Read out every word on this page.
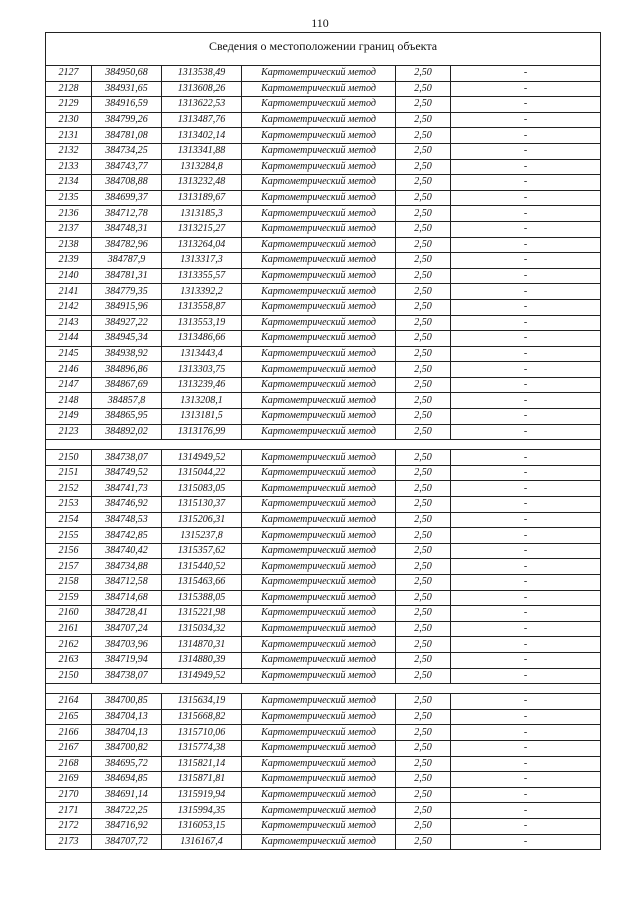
110
Сведения о местоположении границ объекта					
2127	384950,68	1313538,49	Картометрический метод	2,50	-
2128	384931,65	1313608,26	Картометрический метод	2,50	-
2129	384916,59	1313622,53	Картометрический метод	2,50	-
2130	384799,26	1313487,76	Картометрический метод	2,50	-
2131	384781,08	1313402,14	Картометрический метод	2,50	-
2132	384734,25	1313341,88	Картометрический метод	2,50	-
2133	384743,77	1313284,8	Картометрический метод	2,50	-
2134	384708,88	1313232,48	Картометрический метод	2,50	-
2135	384699,37	1313189,67	Картометрический метод	2,50	-
2136	384712,78	1313185,3	Картометрический метод	2,50	-
2137	384748,31	1313215,27	Картометрический метод	2,50	-
2138	384782,96	1313264,04	Картометрический метод	2,50	-
2139	384787,9	1313317,3	Картометрический метод	2,50	-
2140	384781,31	1313355,57	Картометрический метод	2,50	-
2141	384779,35	1313392,2	Картометрический метод	2,50	-
2142	384915,96	1313558,87	Картометрический метод	2,50	-
2143	384927,22	1313553,19	Картометрический метод	2,50	-
2144	384945,34	1313486,66	Картометрический метод	2,50	-
2145	384938,92	1313443,4	Картометрический метод	2,50	-
2146	384896,86	1313303,75	Картометрический метод	2,50	-
2147	384867,69	1313239,46	Картометрический метод	2,50	-
2148	384857,8	1313208,1	Картометрический метод	2,50	-
2149	384865,95	1313181,5	Картометрический метод	2,50	-
2123	384892,02	1313176,99	Картометрический метод	2,50	-

2150	384738,07	1314949,52	Картометрический метод	2,50	-
2151	384749,52	1315044,22	Картометрический метод	2,50	-
2152	384741,73	1315083,05	Картометрический метод	2,50	-
2153	384746,92	1315130,37	Картометрический метод	2,50	-
2154	384748,53	1315206,31	Картометрический метод	2,50	-
2155	384742,85	1315237,8	Картометрический метод	2,50	-
2156	384740,42	1315357,62	Картометрический метод	2,50	-
2157	384734,88	1315440,52	Картометрический метод	2,50	-
2158	384712,58	1315463,66	Картометрический метод	2,50	-
2159	384714,68	1315388,05	Картометрический метод	2,50	-
2160	384728,41	1315221,98	Картометрический метод	2,50	-
2161	384707,24	1315034,32	Картометрический метод	2,50	-
2162	384703,96	1314870,31	Картометрический метод	2,50	-
2163	384719,94	1314880,39	Картометрический метод	2,50	-
2150	384738,07	1314949,52	Картометрический метод	2,50	-

2164	384700,85	1315634,19	Картометрический метод	2,50	-
2165	384704,13	1315668,82	Картометрический метод	2,50	-
2166	384704,13	1315710,06	Картометрический метод	2,50	-
2167	384700,82	1315774,38	Картометрический метод	2,50	-
2168	384695,72	1315821,14	Картометрический метод	2,50	-
2169	384694,85	1315871,81	Картометрический метод	2,50	-
2170	384691,14	1315919,94	Картометрический метод	2,50	-
2171	384722,25	1315994,35	Картометрический метод	2,50	-
2172	384716,92	1316053,15	Картометрический метод	2,50	-
2173	384707,72	1316167,4	Картометрический метод	2,50	-
